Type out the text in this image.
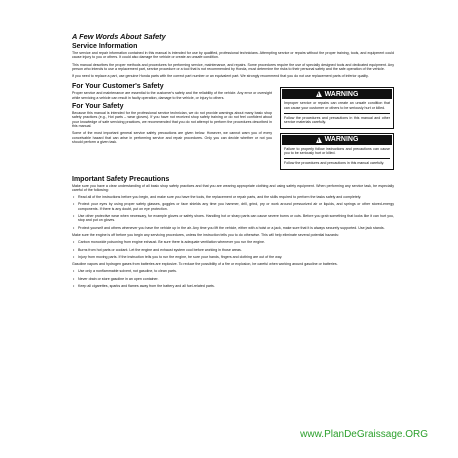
A Few Words About Safety
Service Information

The service and repair information contained in this manual is intended for use by qualified, professional technicians. Attempting service or repairs without the proper training, tools, and equipment could cause injury to you or others. It could also damage the vehicle or create an unsafe condition.

This manual describes the proper methods and procedures for performing service, maintenance, and repairs. Some procedures require the use of specially designed tools and dedicated equipment. Any person who intends to use a replacement part, service procedure or a tool that is not recommended by Honda, must determine the risks to their personal safety and the safe operation of the vehicle.

If you need to replace a part, use genuine Honda parts with the correct part number or an equivalent part. We strongly recommend that you do not use replacement parts of inferior quality.

For Your Customer's Safety

Proper service and maintenance are essential to the customer's safety and the reliability of the vehicle. Any error or oversight while servicing a vehicle can result in faulty operation, damage to the vehicle, or injury to others.

For Your Safety

Because this manual is intended for the professional service technician, we do not provide warnings about many basic shop safety practices (e.g., Hot parts – wear gloves). If you have not received shop safety training or do not feel confident about your knowledge of safe servicing practices, we recommended that you do not attempt to perform the procedures described in this manual.

Some of the most important general service safety precautions are given below. However, we cannot warn you of every conceivable hazard that can arise in performing service and repair procedures. Only you can decide whether or not you should perform a given task.

! WARNING

Improper service or repairs can create an unsafe condition that can cause your customer or others to be seriously hurt or killed.

Follow the procedures and precautions in this manual and other service materials carefully.

! WARNING

Failure to properly follow instructions and precautions can cause you to be seriously hurt or killed.

Follow the procedures and precautions in this manual carefully.

Important Safety Precautions

Make sure you have a clear understanding of all basic shop safety practices and that you are wearing appropriate clothing and using safety equipment. When performing any service task, be especially careful of the following:

• Read all of the instructions before you begin, and make sure you have the tools, the replacement or repair parts, and the skills required to perform the tasks safely and completely.
• Protect your eyes by using proper safety glasses, goggles or face shields any time you hammer, drill, grind, pry or work around pressurized air or liquids, and springs or other stored-energy components. If there is any doubt, put on eye protection.
• Use other protective wear when necessary, for example gloves or safety shoes. Handling hot or sharp parts can cause severe burns or cuts. Before you grab something that looks like it can hurt you, stop and put on gloves.
• Protect yourself and others whenever you have the vehicle up in the air. Any time you lift the vehicle, either with a hoist or a jack, make sure that it is always securely supported. Use jack stands.

Make sure the engine is off before you begin any servicing procedures, unless the instruction tells you to do otherwise. This will help eliminate several potential hazards:

• Carbon monoxide poisoning from engine exhaust. Be sure there is adequate ventilation whenever you run the engine.
• Burns from hot parts or coolant. Let the engine and exhaust system cool before working in those areas.
• Injury from moving parts. If the instruction tells you to run the engine, be sure your hands, fingers and clothing are out of the way.

Gasoline vapors and hydrogen gases from batteries are explosive. To reduce the possibility of a fire or explosion, be careful when working around gasoline or batteries.

• Use only a nonflammable solvent, not gasoline, to clean parts.
• Never drain or store gasoline in an open container.
• Keep all cigarettes, sparks and flames away from the battery and all fuel-related parts.
www.PlanDeGraissage.ORG
